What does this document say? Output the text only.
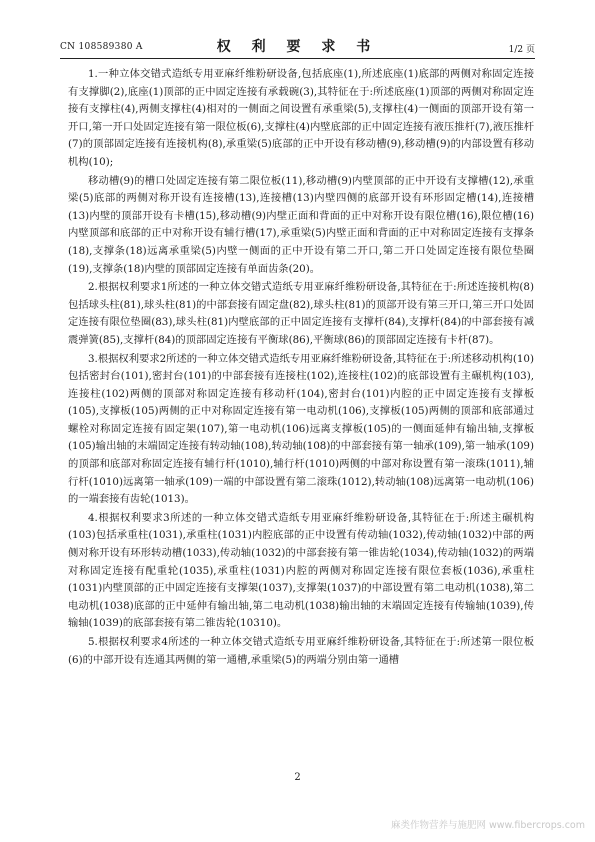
CN 108589380 A	权 利 要 求 书	1/2 页

1.一种立体交错式造纸专用亚麻纤维粉研设备,包括底座(1),所述底座(1)底部的两侧对称固定连接有支撑脚(2),底座(1)顶部的正中固定连接有承载碗(3),其特征在于:所述底座(1)顶部的两侧对称固定连接有支撑柱(4),两侧支撑柱(4)相对的一侧面之间设置有承重梁(5),支撑柱(4)一侧面的顶部开设有第一开口,第一开口处固定连接有第一限位板(6),支撑柱(4)内壁底部的正中固定连接有液压推杆(7),液压推杆(7)的顶部固定连接有连接机构(8),承重梁(5)底部的正中开设有移动槽(9),移动槽(9)的内部设置有移动机构(10);

移动槽(9)的槽口处固定连接有第二限位板(11),移动槽(9)内壁顶部的正中开设有支撑槽(12),承重梁(5)底部的两侧对称开设有连接槽(13),连接槽(13)内壁四侧的底部开设有环形固定槽(14),连接槽(13)内壁的顶部开设有卡槽(15),移动槽(9)内壁正面和背面的正中对称开设有限位槽(16),限位槽(16)内壁顶部和底部的正中对称开设有辅行槽(17),承重梁(5)内壁正面和背面的正中对称固定连接有支撑条(18),支撑条(18)远离承重梁(5)内壁一侧面的正中开设有第二开口,第二开口处固定连接有限位垫圈(19),支撑条(18)内壁的顶部固定连接有单面齿条(20)。

2.根据权利要求1所述的一种立体交错式造纸专用亚麻纤维粉研设备,其特征在于:所述连接机构(8)包括球头柱(81),球头柱(81)的中部套接有固定盘(82),球头柱(81)的顶部开设有第三开口,第三开口处固定连接有限位垫圈(83),球头柱(81)内壁底部的正中固定连接有支撑杆(84),支撑杆(84)的中部套接有减震弹簧(85),支撑杆(84)的顶部固定连接有平衡球(86),平衡球(86)的顶部固定连接有卡杆(87)。

3.根据权利要求2所述的一种立体交错式造纸专用亚麻纤维粉研设备,其特征在于:所述移动机构(10)包括密封台(101),密封台(101)的中部套接有连接柱(102),连接柱(102)的底部设置有主碾机构(103),连接柱(102)两侧的顶部对称固定连接有移动杆(104),密封台(101)内腔的正中固定连接有支撑板(105),支撑板(105)两侧的正中对称固定连接有第一电动机(106),支撑板(105)两侧的顶部和底部通过螺栓对称固定连接有固定架(107),第一电动机(106)远离支撑板(105)的一侧面延伸有输出轴,支撑板(105)输出轴的末端固定连接有转动轴(108),转动轴(108)的中部套接有第一轴承(109),第一轴承(109)的顶部和底部对称固定连接有辅行杆(1010),辅行杆(1010)两侧的中部对称设置有第一滚珠(1011),辅行杆(1010)远离第一轴承(109)一端的中部设置有第二滚珠(1012),转动轴(108)远离第一电动机(106)的一端套接有齿轮(1013)。

4.根据权利要求3所述的一种立体交错式造纸专用亚麻纤维粉研设备,其特征在于:所述主碾机构(103)包括承重柱(1031),承重柱(1031)内腔底部的正中设置有传动轴(1032),传动轴(1032)中部的两侧对称开设有环形转动槽(1033),传动轴(1032)的中部套接有第一锥齿轮(1034),传动轴(1032)的两端对称固定连接有配重轮(1035),承重柱(1031)内腔的两侧对称固定连接有限位套板(1036),承重柱(1031)内壁顶部的正中固定连接有支撑架(1037),支撑架(1037)的中部设置有第二电动机(1038),第二电动机(1038)底部的正中延伸有输出轴,第二电动机(1038)输出轴的末端固定连接有传输轴(1039),传输轴(1039)的底部套接有第二锥齿轮(10310)。

5.根据权利要求4所述的一种立体交错式造纸专用亚麻纤维粉研设备,其特征在于:所述第一限位板(6)的中部开设有连通其两侧的第一通槽,承重梁(5)的两端分别由第一通槽

2
麻类作物营养与施肥网 www.fibercrops.com
